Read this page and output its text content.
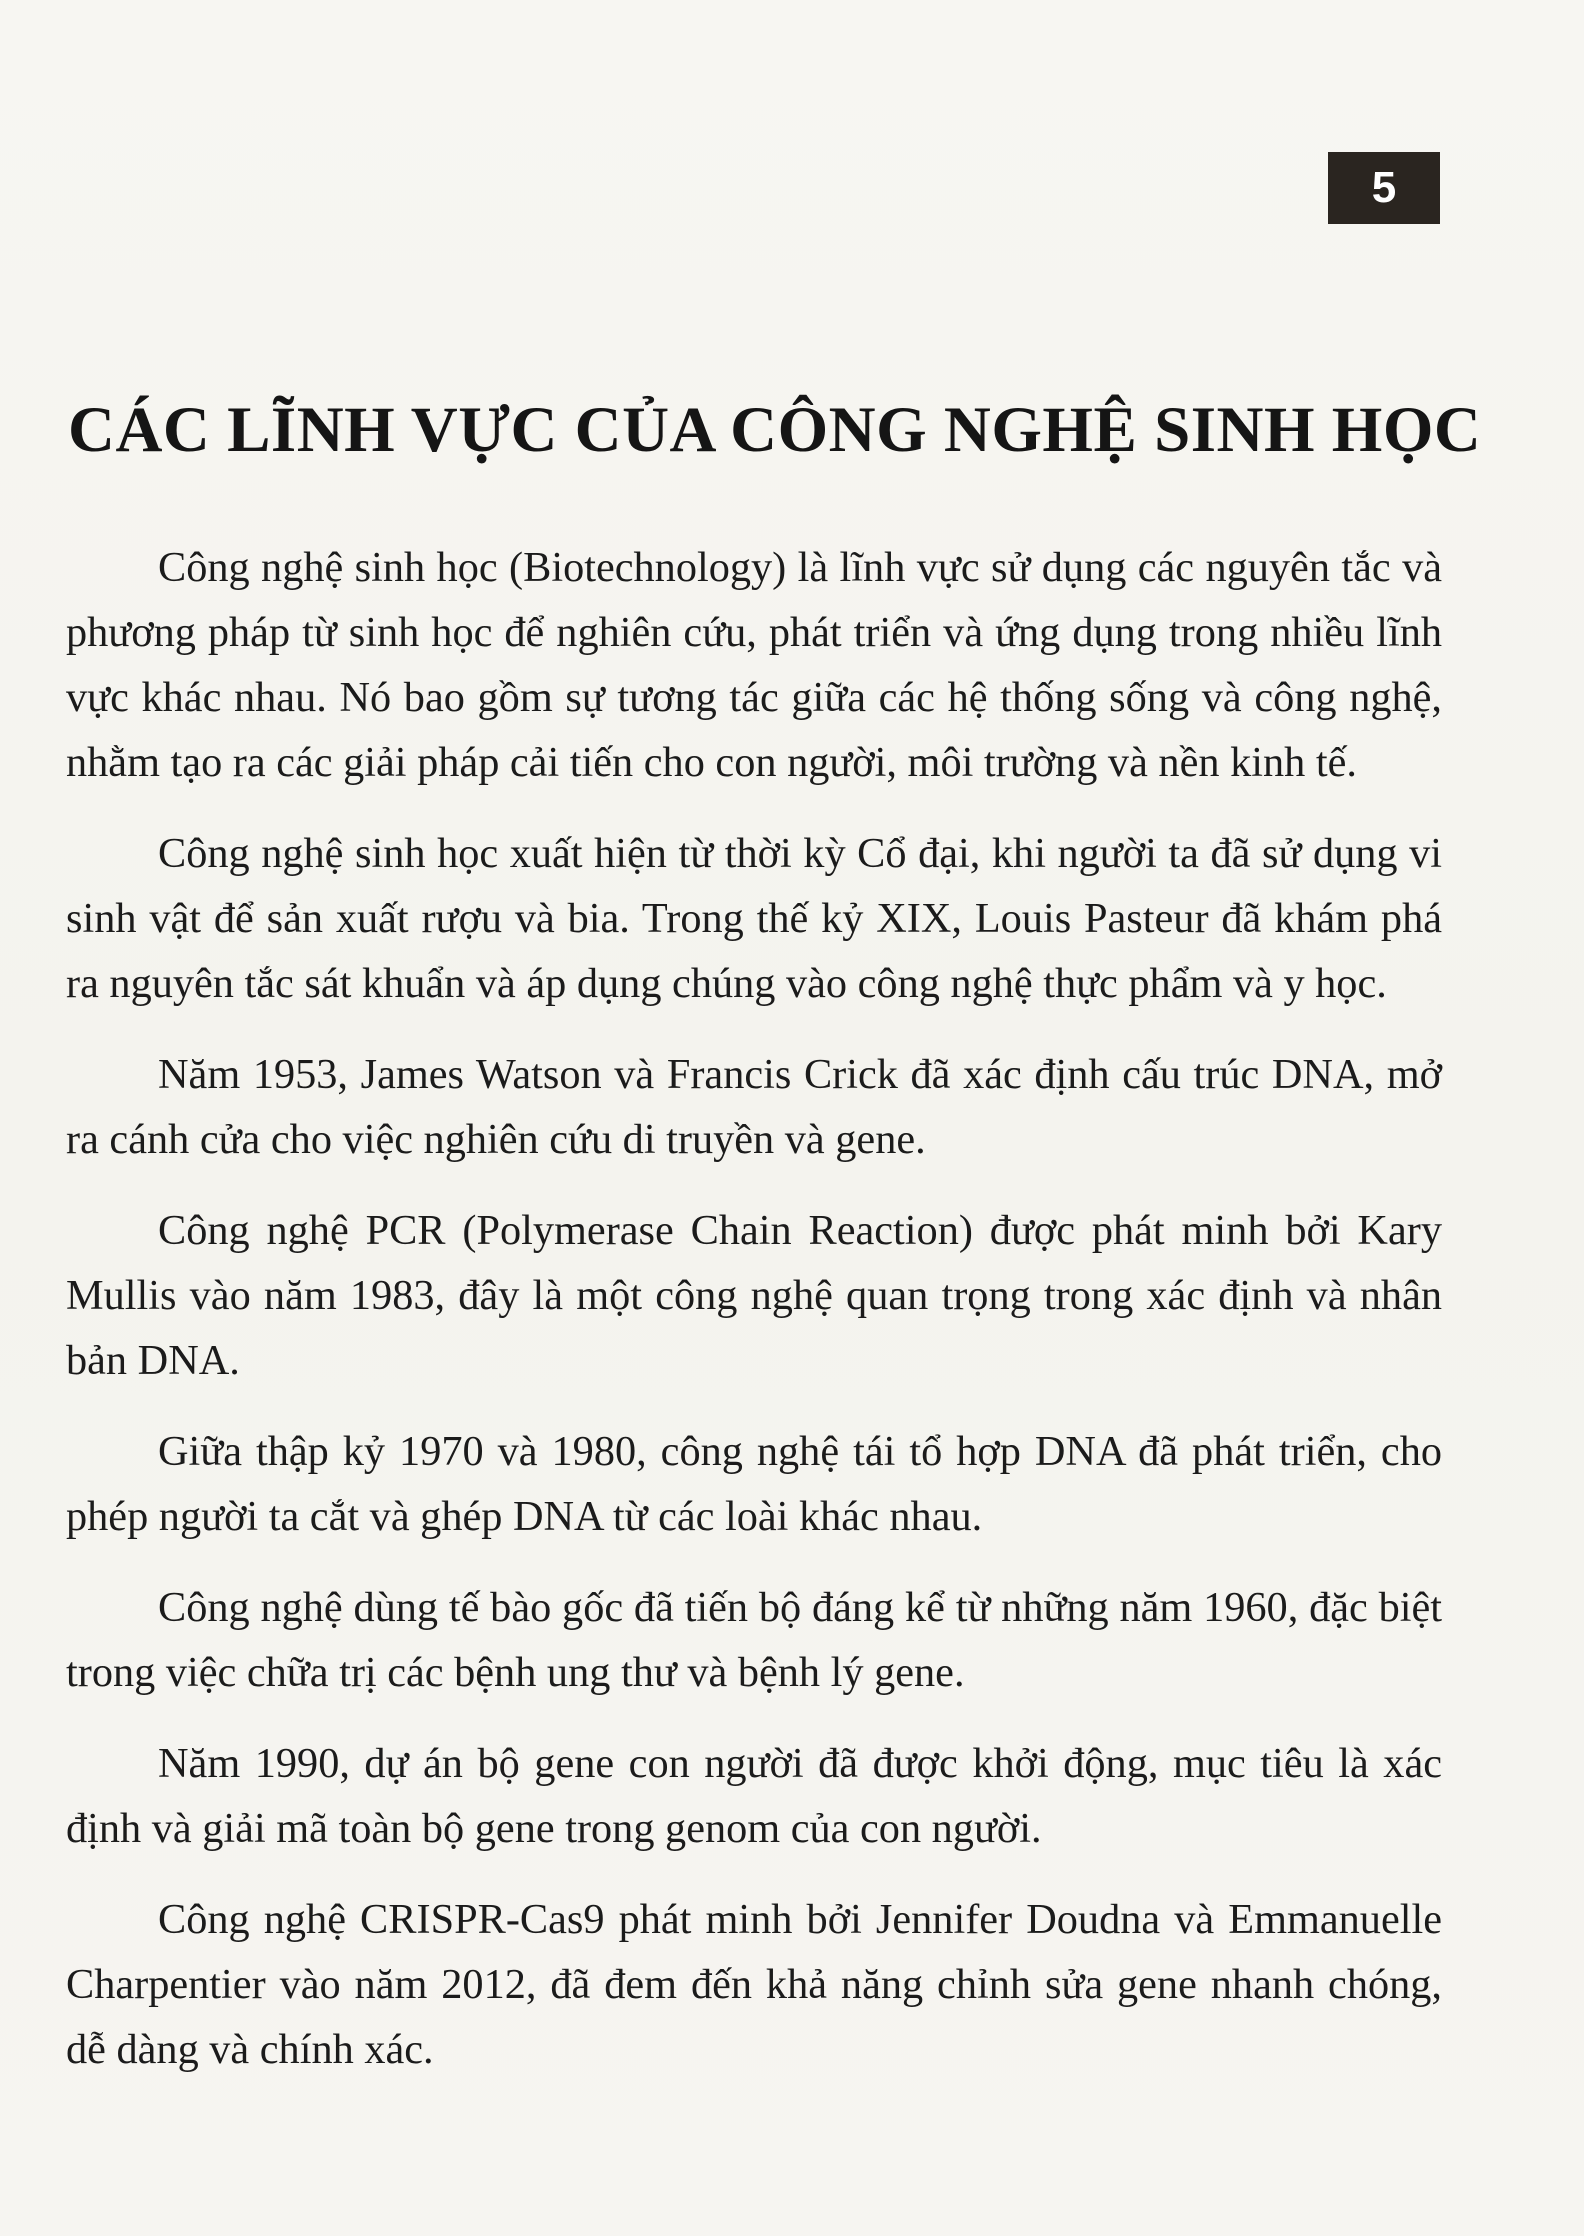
5
CÁC LĨNH VỰC CỦA CÔNG NGHỆ SINH HỌC

Công nghệ sinh học (Biotechnology) là lĩnh vực sử dụng các nguyên tắc và phương pháp từ sinh học để nghiên cứu, phát triển và ứng dụng trong nhiều lĩnh vực khác nhau. Nó bao gồm sự tương tác giữa các hệ thống sống và công nghệ, nhằm tạo ra các giải pháp cải tiến cho con người, môi trường và nền kinh tế.

Công nghệ sinh học xuất hiện từ thời kỳ Cổ đại, khi người ta đã sử dụng vi sinh vật để sản xuất rượu và bia. Trong thế kỷ XIX, Louis Pasteur đã khám phá ra nguyên tắc sát khuẩn và áp dụng chúng vào công nghệ thực phẩm và y học.

Năm 1953, James Watson và Francis Crick đã xác định cấu trúc DNA, mở ra cánh cửa cho việc nghiên cứu di truyền và gene.

Công nghệ PCR (Polymerase Chain Reaction) được phát minh bởi Kary Mullis vào năm 1983, đây là một công nghệ quan trọng trong xác định và nhân bản DNA.

Giữa thập kỷ 1970 và 1980, công nghệ tái tổ hợp DNA đã phát triển, cho phép người ta cắt và ghép DNA từ các loài khác nhau.

Công nghệ dùng tế bào gốc đã tiến bộ đáng kể từ những năm 1960, đặc biệt trong việc chữa trị các bệnh ung thư và bệnh lý gene.

Năm 1990, dự án bộ gene con người đã được khởi động, mục tiêu là xác định và giải mã toàn bộ gene trong genom của con người.

Công nghệ CRISPR-Cas9 phát minh bởi Jennifer Doudna và Emmanuelle Charpentier vào năm 2012, đã đem đến khả năng chỉnh sửa gene nhanh chóng, dễ dàng và chính xác.
